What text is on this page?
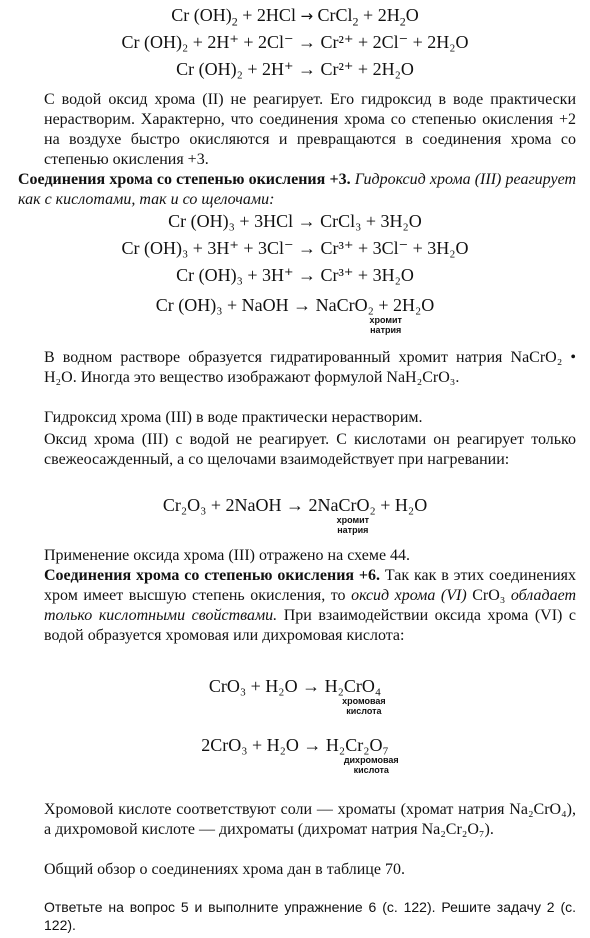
Cr $(OH)_2 + 2HCl$ → CrCl$_2$ + $2H_2O$
Cr (OH)₂ + 2H⁺ + 2Cl⁻ → Cr²⁺ + 2Cl⁻ + 2H₂O
Cr (OH)₂ + 2H⁺ → Cr²⁺ + 2H₂O

С водой оксид хрома (II) не реагирует. Его гидроксид в воде практически нерастворим. Характерно, что соединения хрома со степенью окисления +2 на воздухе быстро окисляются и превращаются в соединения хрома со степенью окисления +3.

Соединения хрома со степенью окисления +3. Гидроксид хрома (III) реагирует как с кислотами, так и со щелочами:

Cr (OH)₃ + 3HCl → CrCl₃ + 3H₂O
Cr (OH)₃ + 3H⁺ + 3Cl⁻ → Cr³⁺ + 3Cl⁻ + 3H₂O
Cr (OH)₃ + 3H⁺ → Cr³⁺ + 3H₂O
Cr (OH)₃ + NaOH → NaCrO₂ + 2H₂O
хромит
натрия

В водном растворе образуется гидратированный хромит натрия NaCrO₂ • H₂O. Иногда это вещество изображают формулой NaH₂CrO₃.

Гидроксид хрома (III) в воде практически нерастворим.

Оксид хрома (III) с водой не реагирует. С кислотами он реагирует только свежеосажденный, а со щелочами взаимодействует при нагревании:

Cr₂O₃ + 2NaOH → 2NaCrO₂ + H₂O
хромит
натрия

Применение оксида хрома (III) отражено на схеме 44.

Соединения хрома со степенью окисления +6. Так как в этих соединениях хром имеет высшую степень окисления, то оксид хрома (VI) CrO₃ обладает только кислотными свойствами. При взаимодействии оксида хрома (VI) с водой образуется хромовая или дихромовая кислота:

CrO₃ + H₂O → H₂CrO₄
хромовая
кислота
2CrO₃ + H₂O → H₂Cr₂O₇
дихромовая
кислота

Хромовой кислоте соответствуют соли — хроматы (хромат натрия Na₂CrO₄), а дихромовой кислоте — дихроматы (дихромат натрия Na₂Cr₂O₇).

Общий обзор о соединениях хрома дан в таблице 70.

Ответьте на вопрос 5 и выполните упражнение 6 (с. 122). Решите задачу 2 (с. 122).
